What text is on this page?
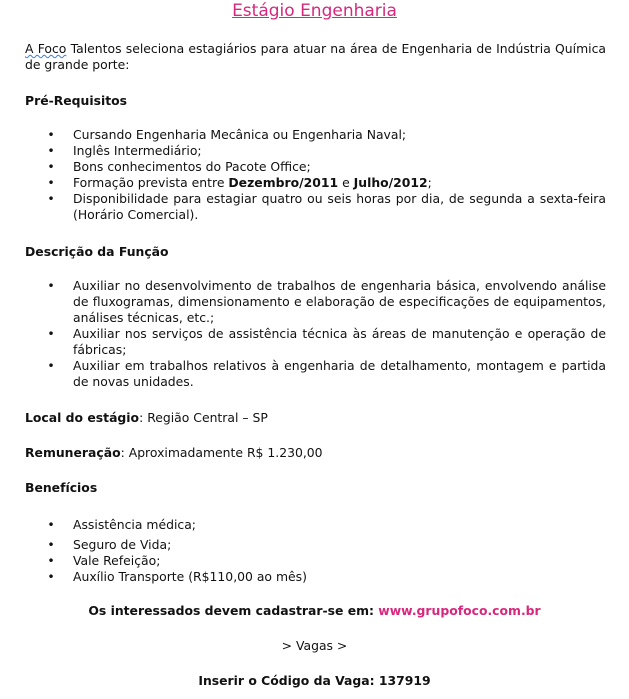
Estágio Engenharia
A Foco Talentos seleciona estagiários para atuar na área de Engenharia de Indústria Química de grande porte:
Pré-Requisitos
• Cursando Engenharia Mecânica ou Engenharia Naval;
• Inglês Intermediário;
• Bons conhecimentos do Pacote Office;
• Formação prevista entre Dezembro/2011 e Julho/2012;
• Disponibilidade para estagiar quatro ou seis horas por dia, de segunda a sexta-feira (Horário Comercial).
Descrição da Função
• Auxiliar no desenvolvimento de trabalhos de engenharia básica, envolvendo análise de fluxogramas, dimensionamento e elaboração de especificações de equipamentos, análises técnicas, etc.;
• Auxiliar nos serviços de assistência técnica às áreas de manutenção e operação de fábricas;
• Auxiliar em trabalhos relativos à engenharia de detalhamento, montagem e partida de novas unidades.
Local do estágio: Região Central – SP
Remuneração: Aproximadamente R$ 1.230,00
Benefícios
• Assistência médica;
• Seguro de Vida;
• Vale Refeição;
• Auxílio Transporte (R$110,00 ao mês)
Os interessados devem cadastrar-se em: www.grupofoco.com.br
> Vagas >
Inserir o Código da Vaga: 137919
